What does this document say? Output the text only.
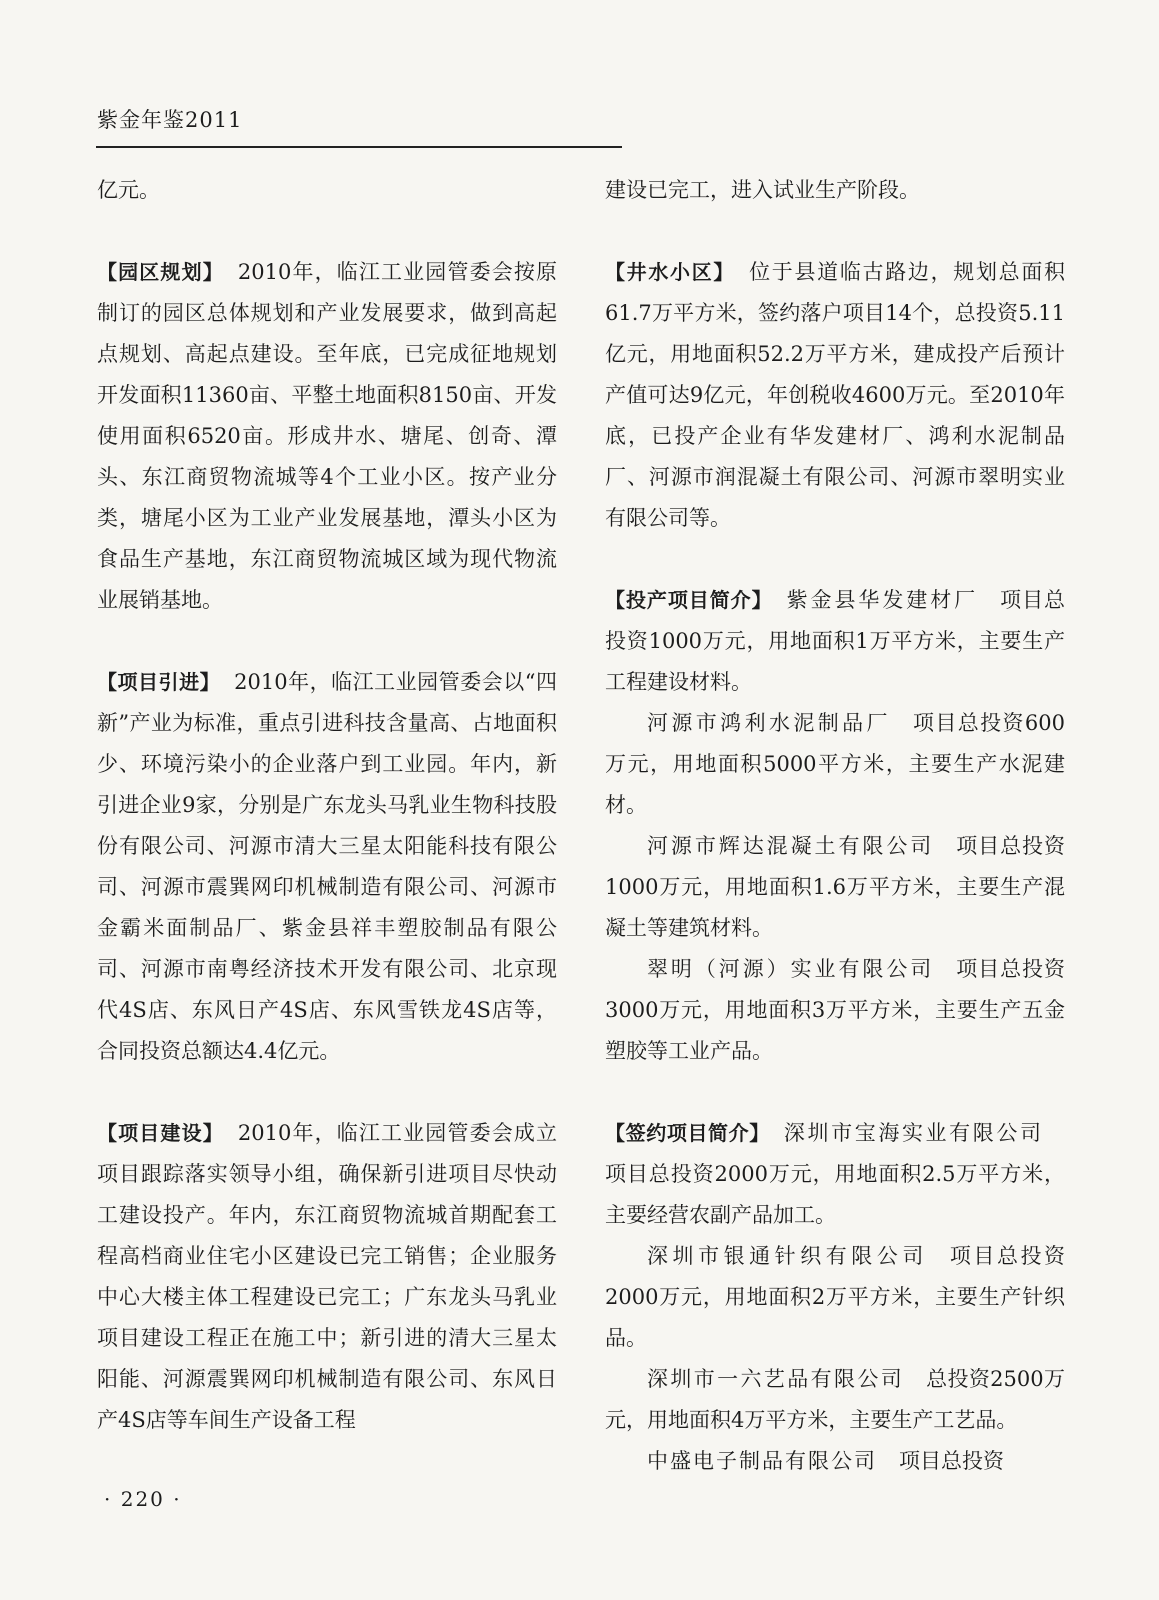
紫金年鉴2011

亿元。

【园区规划】 2010年，临江工业园管委会按原制订的园区总体规划和产业发展要求，做到高起点规划、高起点建设。至年底，已完成征地规划开发面积11360亩、平整土地面积8150亩、开发使用面积6520亩。形成井水、塘尾、创奇、潭头、东江商贸物流城等4个工业小区。按产业分类，塘尾小区为工业产业发展基地，潭头小区为食品生产基地，东江商贸物流城区域为现代物流业展销基地。

【项目引进】 2010年，临江工业园管委会以“四新”产业为标准，重点引进科技含量高、占地面积少、环境污染小的企业落户到工业园。年内，新引进企业9家，分别是广东龙头马乳业生物科技股份有限公司、河源市清大三星太阳能科技有限公司、河源市震巽网印机械制造有限公司、河源市金霸米面制品厂、紫金县祥丰塑胶制品有限公司、河源市南粤经济技术开发有限公司、北京现代4S店、东风日产4S店、东风雪铁龙4S店等，合同投资总额达4.4亿元。

【项目建设】 2010年，临江工业园管委会成立项目跟踪落实领导小组，确保新引进项目尽快动工建设投产。年内，东江商贸物流城首期配套工程高档商业住宅小区建设已完工销售；企业服务中心大楼主体工程建设已完工；广东龙头马乳业项目建设工程正在施工中；新引进的清大三星太阳能、河源震巽网印机械制造有限公司、东风日产4S店等车间生产设备工程

建设已完工，进入试业生产阶段。

【井水小区】 位于县道临古路边，规划总面积61.7万平方米，签约落户项目14个，总投资5.11亿元，用地面积52.2万平方米，建成投产后预计产值可达9亿元，年创税收4600万元。至2010年底，已投产企业有华发建材厂、鸿利水泥制品厂、河源市润混凝土有限公司、河源市翠明实业有限公司等。

【投产项目简介】 紫金县华发建材厂 项目总投资1000万元，用地面积1万平方米，主要生产工程建设材料。

河源市鸿利水泥制品厂 项目总投资600万元，用地面积5000平方米，主要生产水泥建材。

河源市辉达混凝土有限公司 项目总投资1000万元，用地面积1.6万平方米，主要生产混凝土等建筑材料。

翠明（河源）实业有限公司 项目总投资3000万元，用地面积3万平方米，主要生产五金塑胶等工业产品。

【签约项目简介】 深圳市宝海实业有限公司项目总投资2000万元，用地面积2.5万平方米，主要经营农副产品加工。

深圳市银通针织有限公司 项目总投资2000万元，用地面积2万平方米，主要生产针织品。

深圳市一六艺品有限公司 总投资2500万元，用地面积4万平方米，主要生产工艺品。

中盛电子制品有限公司 项目总投资

· 220 ·
